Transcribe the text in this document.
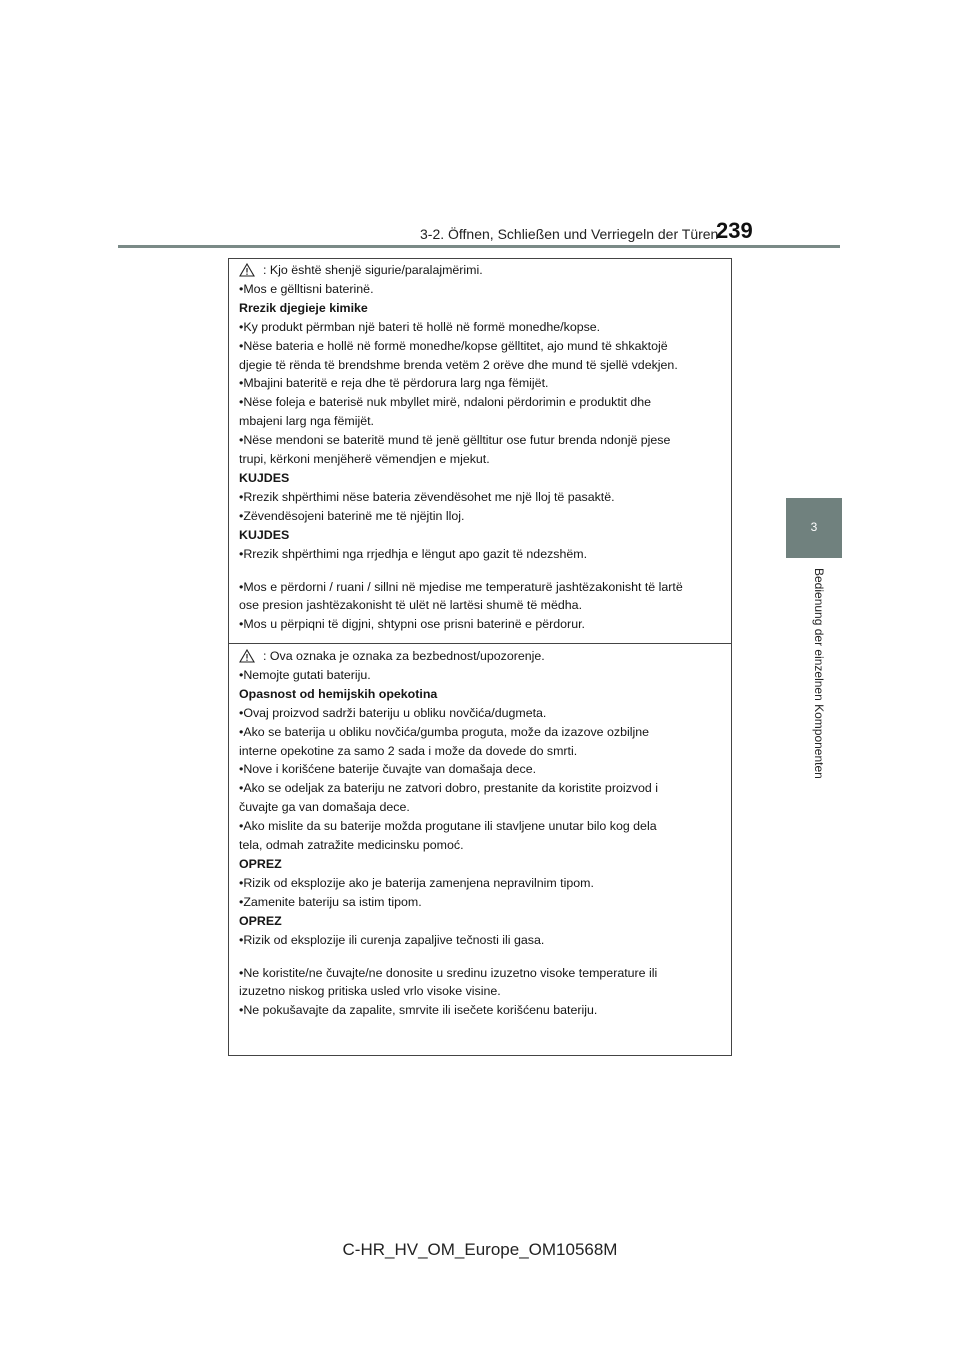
3-2. Öffnen, Schließen und Verriegeln der Türen
239
3
Bedienung der einzelnen Komponenten
: Kjo është shenjë sigurie/paralajmërimi.
•Mos e gëlltisni baterinë.
Rrezik djegieje kimike
•Ky produkt përmban një bateri të hollë në formë monedhe/kopse.
•Nëse bateria e hollë në formë monedhe/kopse gëlltitet, ajo mund të shkaktojë
djegie të rënda të brendshme brenda vetëm 2 orëve dhe mund të sjellë vdekjen.
•Mbajini bateritë e reja dhe të përdorura larg nga fëmijët.
•Nëse foleja e baterisë nuk mbyllet mirë, ndaloni përdorimin e produktit dhe
mbajeni larg nga fëmijët.
•Nëse mendoni se bateritë mund të jenë gëlltitur ose futur brenda ndonjë pjese
trupi, kërkoni menjëherë vëmendjen e mjekut.
KUJDES
•Rrezik shpërthimi nëse bateria zëvendësohet me një lloj të pasaktë.
•Zëvendësojeni baterinë me të njëjtin lloj.
KUJDES
•Rrezik shpërthimi nga rrjedhja e lëngut apo gazit të ndezshëm.
•Mos e përdorni / ruani / sillni në mjedise me temperaturë jashtëzakonisht të lartë
ose presion jashtëzakonisht të ulët në lartësi shumë të mëdha.
•Mos u përpiqni të digjni, shtypni ose prisni baterinë e përdorur.
: Ova oznaka je oznaka za bezbednost/upozorenje.
•Nemojte gutati bateriju.
Opasnost od hemijskih opekotina
•Ovaj proizvod sadrži bateriju u obliku novčića/dugmeta.
•Ako se baterija u obliku novčića/gumba proguta, može da izazove ozbiljne
interne opekotine za samo 2 sada i može da dovede do smrti.
•Nove i korišćene baterije čuvajte van domašaja dece.
•Ako se odeljak za bateriju ne zatvori dobro, prestanite da koristite proizvod i
čuvajte ga van domašaja dece.
•Ako mislite da su baterije možda progutane ili stavljene unutar bilo kog dela
tela, odmah zatražite medicinsku pomoć.
OPREZ
•Rizik od eksplozije ako je baterija zamenjena nepravilnim tipom.
•Zamenite bateriju sa istim tipom.
OPREZ
•Rizik od eksplozije ili curenja zapaljive tečnosti ili gasa.
•Ne koristite/ne čuvajte/ne donosite u sredinu izuzetno visoke temperature ili
izuzetno niskog pritiska usled vrlo visoke visine.
•Ne pokušavajte da zapalite, smrvite ili isečete korišćenu bateriju.
C-HR_HV_OM_Europe_OM10568M
